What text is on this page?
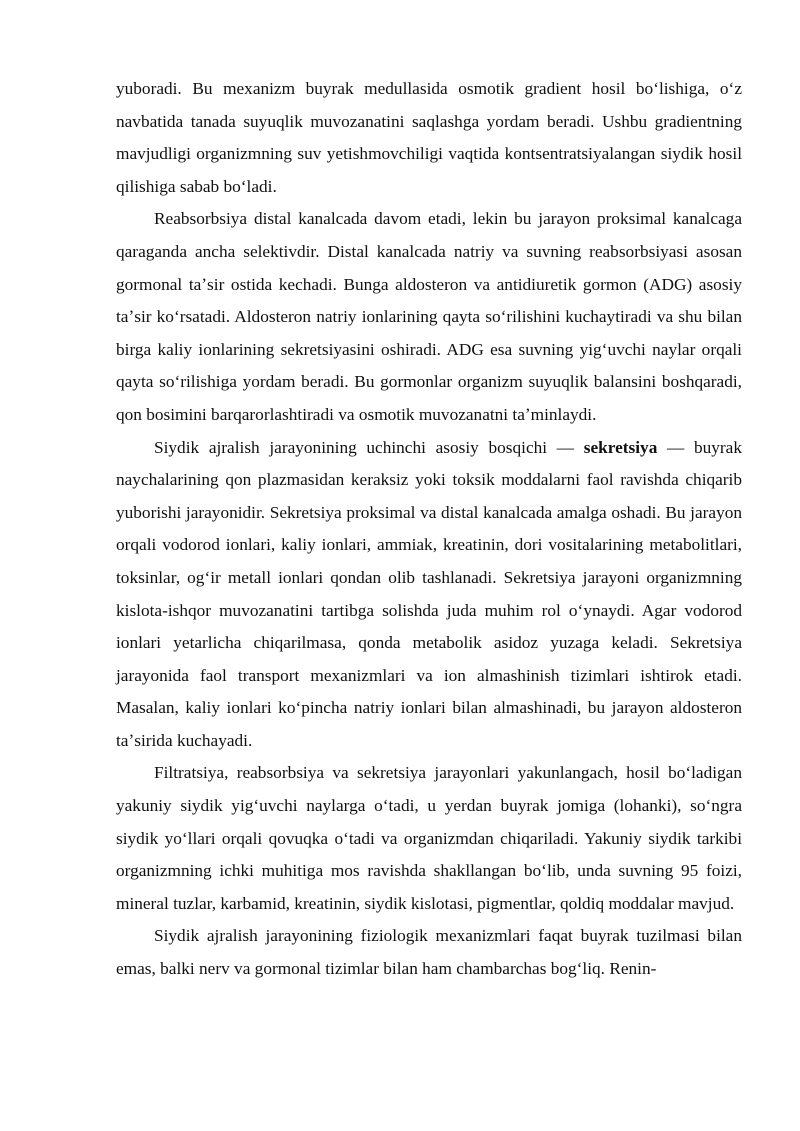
yuboradi. Bu mexanizm buyrak medullasida osmotik gradient hosil boʻlishiga, oʻz navbatida tanada suyuqlik muvozanatini saqlashga yordam beradi. Ushbu gradientning mavjudligi organizmning suv yetishmovchiligi vaqtida kontsentratsiyalangan siydik hosil qilishiga sabab boʻladi.

Reabsorbsiya distal kanalcada davom etadi, lekin bu jarayon proksimal kanalcaga qaraganda ancha selektivdir. Distal kanalcada natriy va suvning reabsorbsiyasi asosan gormonal taʼsir ostida kechadi. Bunga aldosteron va antidiuretik gormon (ADG) asosiy taʼsir koʻrsatadi. Aldosteron natriy ionlarining qayta soʻrilishini kuchaytiradi va shu bilan birga kaliy ionlarining sekretsiyasini oshiradi. ADG esa suvning yigʻuvchi naylar orqali qayta soʻrilishiga yordam beradi. Bu gormonlar organizm suyuqlik balansini boshqaradi, qon bosimini barqarorlashtiradi va osmotik muvozanatni taʼminlaydi.

Siydik ajralish jarayonining uchinchi asosiy bosqichi — sekretsiya — buyrak naychalarining qon plazmasidan keraksiz yoki toksik moddalarni faol ravishda chiqarib yuborishi jarayonidir. Sekretsiya proksimal va distal kanalcada amalga oshadi. Bu jarayon orqali vodorod ionlari, kaliy ionlari, ammiak, kreatinin, dori vositalarining metabolitlari, toksinlar, ogʻir metall ionlari qondan olib tashlanadi. Sekretsiya jarayoni organizmning kislota-ishqor muvozanatini tartibga solishda juda muhim rol oʻynaydi. Agar vodorod ionlari yetarlicha chiqarilmasa, qonda metabolik asidoz yuzaga keladi. Sekretsiya jarayonida faol transport mexanizmlari va ion almashinish tizimlari ishtirok etadi. Masalan, kaliy ionlari koʻpincha natriy ionlari bilan almashinadi, bu jarayon aldosteron taʼsirida kuchayadi.

Filtratsiya, reabsorbsiya va sekretsiya jarayonlari yakunlangach, hosil boʻladigan yakuniy siydik yigʻuvchi naylarga oʻtadi, u yerdan buyrak jomiga (lohanki), soʻngra siydik yoʻllari orqali qovuqka oʻtadi va organizmdan chiqariladi. Yakuniy siydik tarkibi organizmning ichki muhitiga mos ravishda shakllangan boʻlib, unda suvning 95 foizi, mineral tuzlar, karbamid, kreatinin, siydik kislotasi, pigmentlar, qoldiq moddalar mavjud.

Siydik ajralish jarayonining fiziologik mexanizmlari faqat buyrak tuzilmasi bilan emas, balki nerv va gormonal tizimlar bilan ham chambarchas bogʻliq. Renin-
